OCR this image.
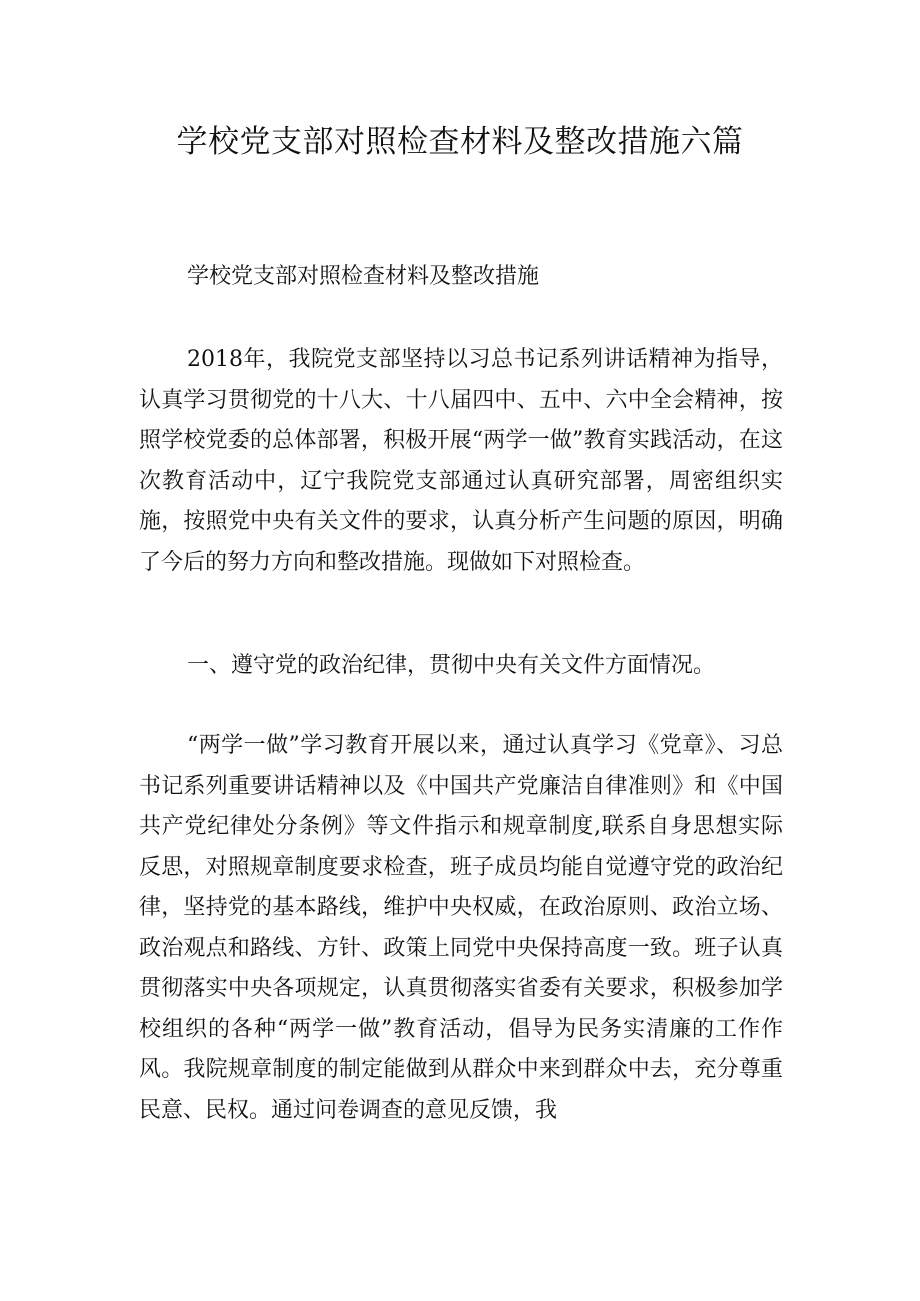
学校党支部对照检查材料及整改措施六篇

学校党支部对照检查材料及整改措施

2018年，我院党支部坚持以习总书记系列讲话精神为指导，认真学习贯彻党的十八大、十八届四中、五中、六中全会精神，按照学校党委的总体部署，积极开展“两学一做”教育实践活动，在这次教育活动中，辽宁我院党支部通过认真研究部署，周密组织实施，按照党中央有关文件的要求，认真分析产生问题的原因，明确了今后的努力方向和整改措施。现做如下对照检查。

一、遵守党的政治纪律，贯彻中央有关文件方面情况。

“两学一做”学习教育开展以来，通过认真学习《党章》、习总书记系列重要讲话精神以及《中国共产党廉洁自律准则》和《中国共产党纪律处分条例》等文件指示和规章制度,联系自身思想实际反思，对照规章制度要求检查，班子成员均能自觉遵守党的政治纪律，坚持党的基本路线，维护中央权威，在政治原则、政治立场、政治观点和路线、方针、政策上同党中央保持高度一致。班子认真贯彻落实中央各项规定，认真贯彻落实省委有关要求，积极参加学校组织的各种“两学一做”教育活动，倡导为民务实清廉的工作作风。我院规章制度的制定能做到从群众中来到群众中去，充分尊重民意、民权。通过问卷调查的意见反馈，我
